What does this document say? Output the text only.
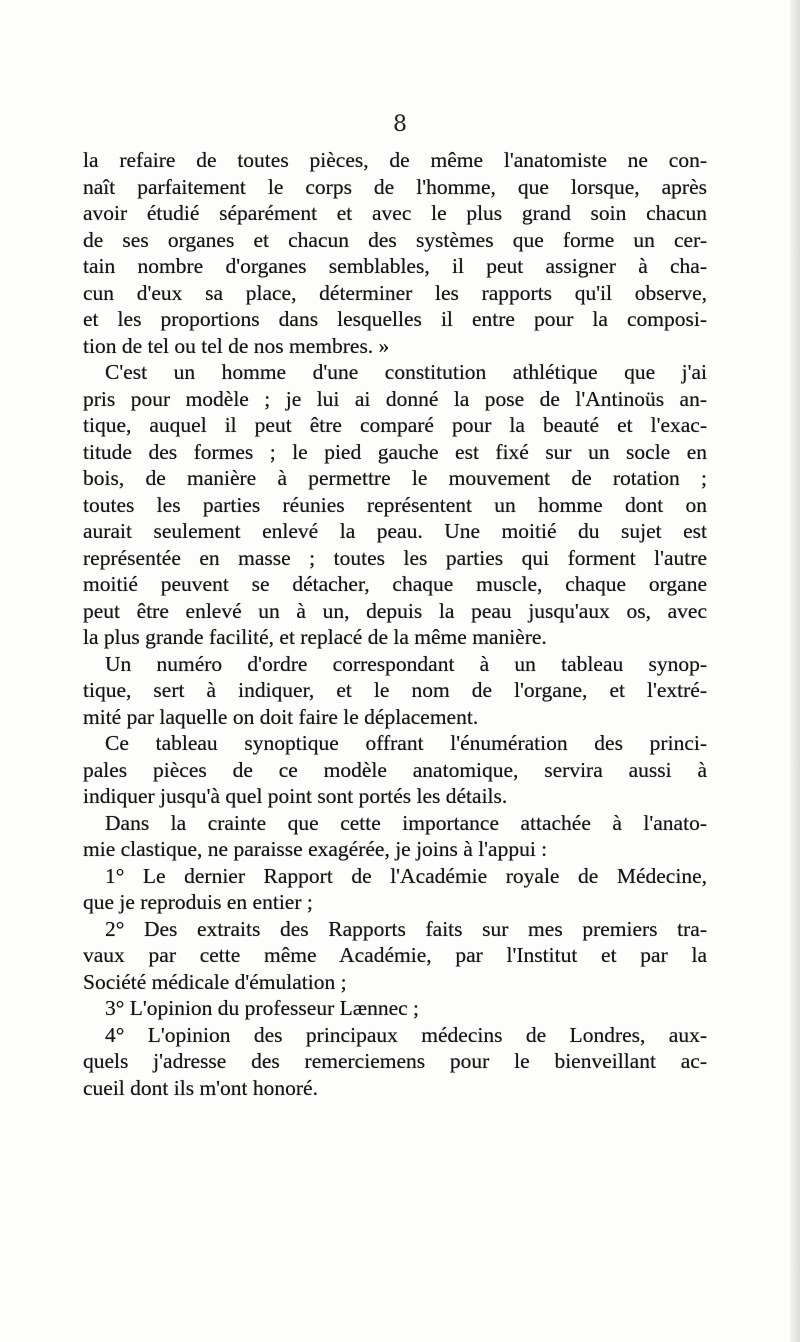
8
la refaire de toutes pièces, de même l'anatomiste ne con-
naît parfaitement le corps de l'homme, que lorsque, après
avoir étudié séparément et avec le plus grand soin chacun
de ses organes et chacun des systèmes que forme un cer-
tain nombre d'organes semblables, il peut assigner à cha-
cun d'eux sa place, déterminer les rapports qu'il observe,
et les proportions dans lesquelles il entre pour la composi-
tion de tel ou tel de nos membres. »
C'est un homme d'une constitution athlétique que j'ai
pris pour modèle ; je lui ai donné la pose de l'Antinoüs an-
tique, auquel il peut être comparé pour la beauté et l'exac-
titude des formes ; le pied gauche est fixé sur un socle en
bois, de manière à permettre le mouvement de rotation ;
toutes les parties réunies représentent un homme dont on
aurait seulement enlevé la peau. Une moitié du sujet est
représentée en masse ; toutes les parties qui forment l'autre
moitié peuvent se détacher, chaque muscle, chaque organe
peut être enlevé un à un, depuis la peau jusqu'aux os, avec
la plus grande facilité, et replacé de la même manière.
Un numéro d'ordre correspondant à un tableau synop-
tique, sert à indiquer, et le nom de l'organe, et l'extré-
mité par laquelle on doit faire le déplacement.
Ce tableau synoptique offrant l'énumération des princi-
pales pièces de ce modèle anatomique, servira aussi à
indiquer jusqu'à quel point sont portés les détails.
Dans la crainte que cette importance attachée à l'anato-
mie clastique, ne paraisse exagérée, je joins à l'appui :
1° Le dernier Rapport de l'Académie royale de Médecine,
que je reproduis en entier ;
2° Des extraits des Rapports faits sur mes premiers tra-
vaux par cette même Académie, par l'Institut et par la
Société médicale d'émulation ;
3° L'opinion du professeur Lænnec ;
4° L'opinion des principaux médecins de Londres, aux-
quels j'adresse des remerciemens pour le bienveillant ac-
cueil dont ils m'ont honoré.
